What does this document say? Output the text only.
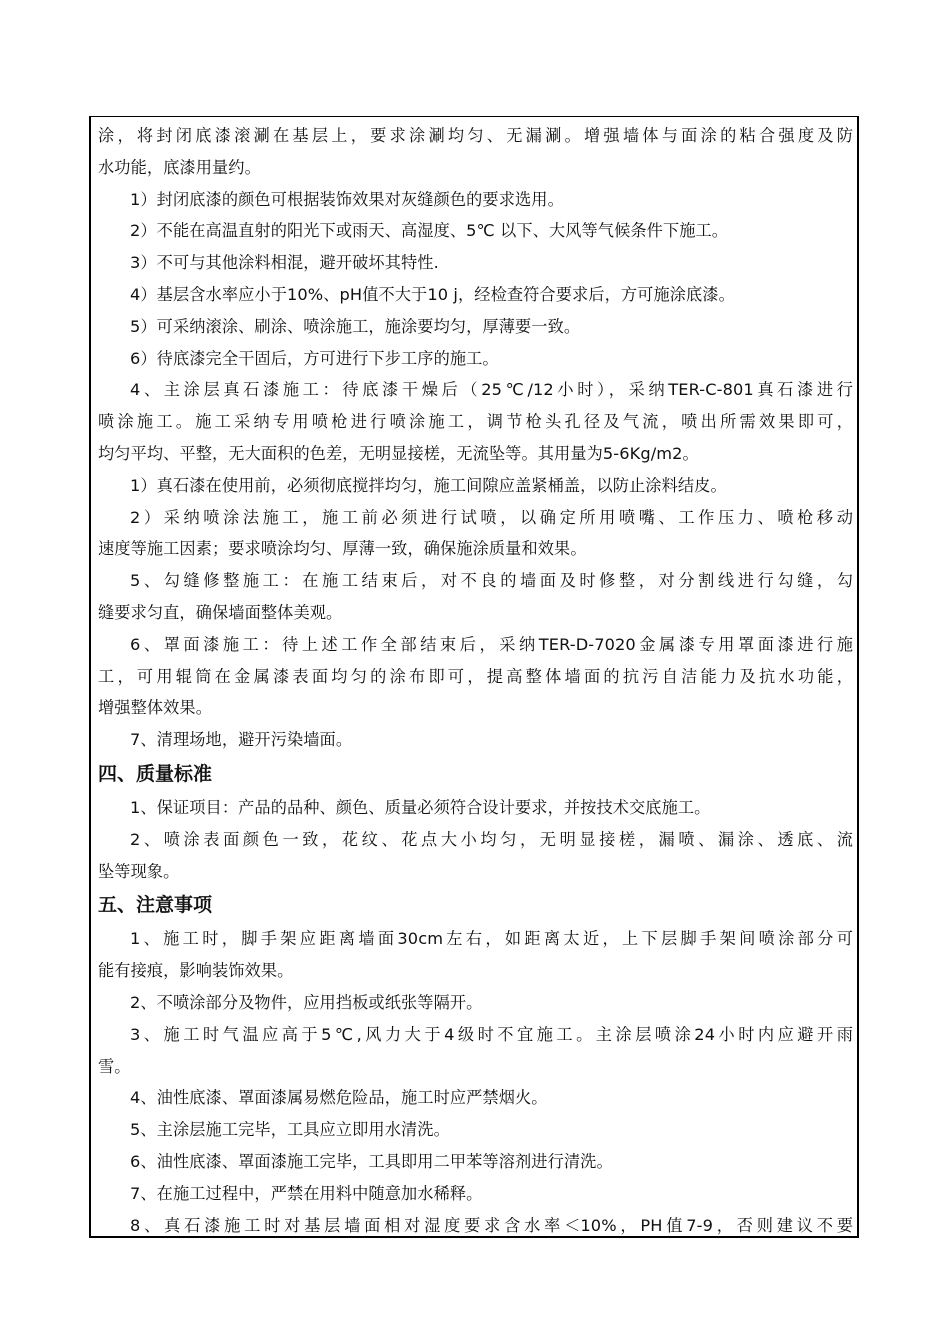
涂，将封闭底漆滚涮在基层上，要求涂涮均匀、无漏涮。增强墙体与面涂的粘合强度及防
水功能，底漆用量约。
1）封闭底漆的颜色可根据装饰效果对灰缝颜色的要求选用。
2）不能在高温直射的阳光下或雨天、高湿度、5℃ 以下、大风等气候条件下施工。
3）不可与其他涂料相混，避开破坏其特性.
4）基层含水率应小于10%、pH值不大于10 j，经检查符合要求后，方可施涂底漆。
5）可采纳滚涂、刷涂、喷涂施工，施涂要均匀，厚薄要一致。
6）待底漆完全干固后，方可进行下步工序的施工。
4、主涂层真石漆施工：待底漆干燥后（25℃/12小时），采纳TER-C-801真石漆进行
喷涂施工。施工采纳专用喷枪进行喷涂施工，调节枪头孔径及气流，喷出所需效果即可，
均匀平均、平整，无大面积的色差，无明显接槎，无流坠等。其用量为5-6Kg/m2。
1）真石漆在使用前，必须彻底搅拌均匀，施工间隙应盖紧桶盖，以防止涂料结皮。
2）采纳喷涂法施工，施工前必须进行试喷，以确定所用喷嘴、工作压力、喷枪移动
速度等施工因素；要求喷涂均匀、厚薄一致，确保施涂质量和效果。
5、勾缝修整施工：在施工结束后，对不良的墙面及时修整，对分割线进行勾缝，勾
缝要求匀直，确保墙面整体美观。
6、罩面漆施工：待上述工作全部结束后，采纳TER-D-7020金属漆专用罩面漆进行施
工，可用辊筒在金属漆表面均匀的涂布即可，提高整体墙面的抗污自洁能力及抗水功能，
增强整体效果。
7、清理场地，避开污染墙面。
四、质量标准
1、保证项目：产品的品种、颜色、质量必须符合设计要求，并按技术交底施工。
2、喷涂表面颜色一致，花纹、花点大小均匀，无明显接槎，漏喷、漏涂、透底、流
坠等现象。
五、注意事项
1、施工时，脚手架应距离墙面30cm左右，如距离太近，上下层脚手架间喷涂部分可
能有接痕，影响装饰效果。
2、不喷涂部分及物件，应用挡板或纸张等隔开。
3、施工时气温应高于5℃,风力大于4级时不宜施工。主涂层喷涂24小时内应避开雨
雪。
4、油性底漆、罩面漆属易燃危险品，施工时应严禁烟火。
5、主涂层施工完毕，工具应立即用水清洗。
6、油性底漆、罩面漆施工完毕，工具即用二甲苯等溶剂进行清洗。
7、在施工过程中，严禁在用料中随意加水稀释。
8、真石漆施工时对基层墙面相对湿度要求含水率＜10%，PH值7-9，否则建议不要
